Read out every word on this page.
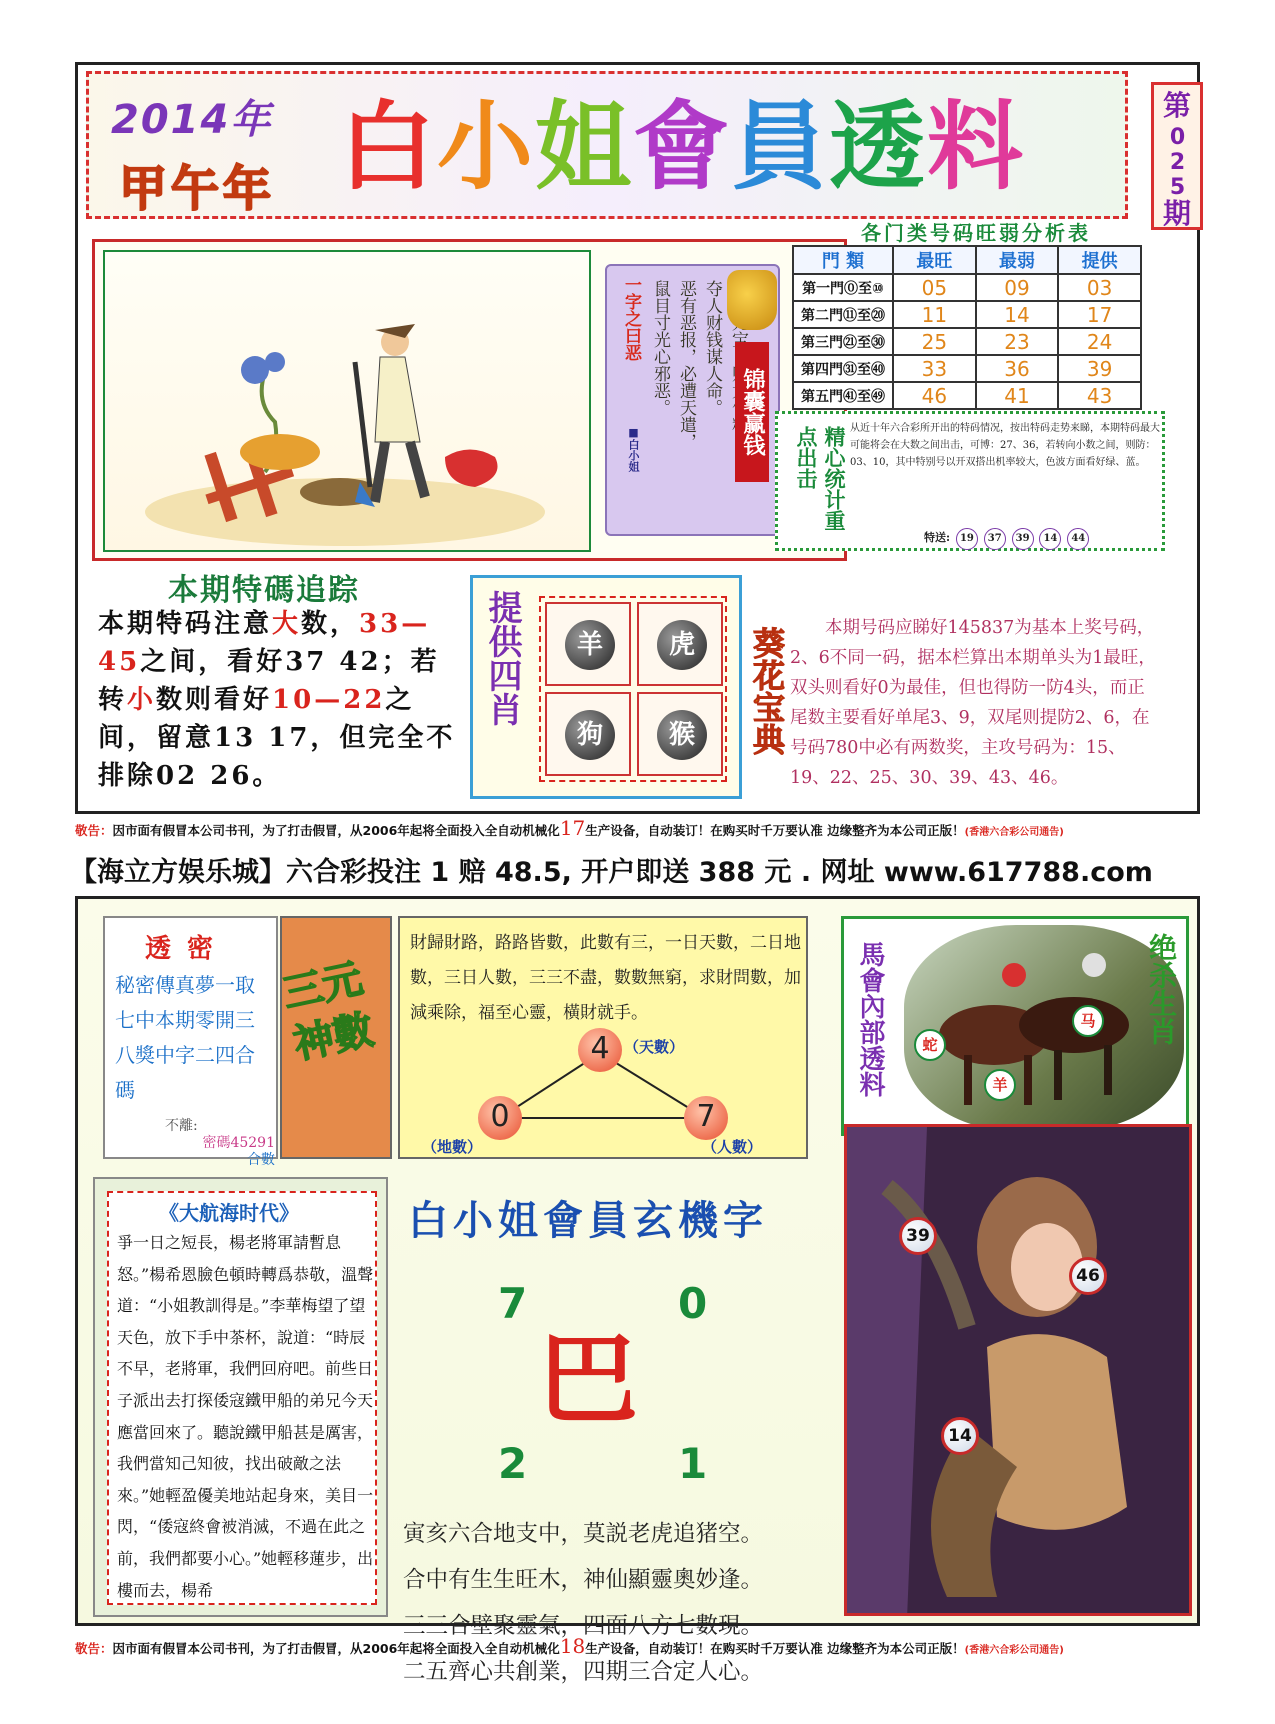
2014年
甲午年 白小姐會員透料	第
025
期
一字之曰恶	夺人财钱谋人命。
恶有恶报，必遭天遣，
鼠目寸光心邪恶。
■白小姐	锦囊赢钱
各门类号码旺弱分析表
門 類	最旺	最弱	提供
第一門⓪至⑩	05	09	03
第二門⑪至⑳	11	14	17
第三門㉑至㉚	25	23	24
第四門㉛至㊵	33	36	39
第五門㊶至㊾	46	41	43
精心统计重点出击	从近十年六合彩所开出的特码情况，按出特码走势来睇，本期特码最大可能将会在大数之间出击，可博：27、36，若转向小数之间，则防：03、10，其中特别号以开双搭出机率较大，色波方面看好绿、蓝。
特送: 19 37 39 14 44
本期特碼追踪
本期特码注意大数，33—45之间，看好37 42；若转小数则看好10—22之间，留意13 17，但完全不排除02 26。
提供四肖	羊	虎
狗	猴	葵花宝典	本期号码应睇好145837为基本上奖号码，2、6不同一码，据本栏算出本期单头为1最旺，双头则看好0为最佳，但也得防一防4头，而正尾数主要看好单尾3、9，双尾则提防2、6，在号码780中必有两数奖，主攻号码为：15、19、22、25、30、39、43、46。
敬告：因市面有假冒本公司书刊，为了打击假冒，从2006年起将全面投入全自动机械化17生产设备，自动装订！在购买时千万要认准 边缘整齐为本公司正版！(香港六合彩公司通告)
【海立方娱乐城】六合彩投注 1 赔 48.5, 开户即送 388 元 . 网址 www.617788.com
透密
秘密傳真夢一取
七中本期零開三
八獎中字二四合
碼
不離:
密碼45291
合數
三元神數
財歸財路，路路皆數，此數有三，一日天數，二日地數，三日人數，三三不盡，數數無窮，求財問數，加減乘除，福至心靈，橫財就手。
4 （天數）
0
（地數）
7
（人數）
馬會內部透料	绝杀生肖
蛇
羊
马
《大航海时代》
爭一日之短長，楊老將軍請暫息怒。”楊希恩臉色頓時轉爲恭敬，溫聲道：“小姐教訓得是。”李華梅望了望天色，放下手中茶杯，說道：“時辰不早，老將軍，我們回府吧。前些日子派出去打探倭寇鐵甲船的弟兄今天應當回來了。聽說鐵甲船甚是厲害，我們當知己知彼，找出破敵之法來。”她輕盈優美地站起身來，美目一閃，“倭寇終會被消滅，不過在此之前，我們都要小心。”她輕移蓮步，出樓而去，楊希
白小姐會員玄機字
7	0
2	1
巴
寅亥六合地支中，莫説老虎追猪空。
合中有生生旺木，神仙顯靈奧妙逢。
三三合壁聚靈氣，四面八方七數現。
二五齊心共創業，四期三合定人心。
39
46
14
敬告：因市面有假冒本公司书刊，为了打击假冒，从2006年起将全面投入全自动机械化18生产设备，自动装订！在购买时千万要认准 边缘整齐为本公司正版！(香港六合彩公司通告)
